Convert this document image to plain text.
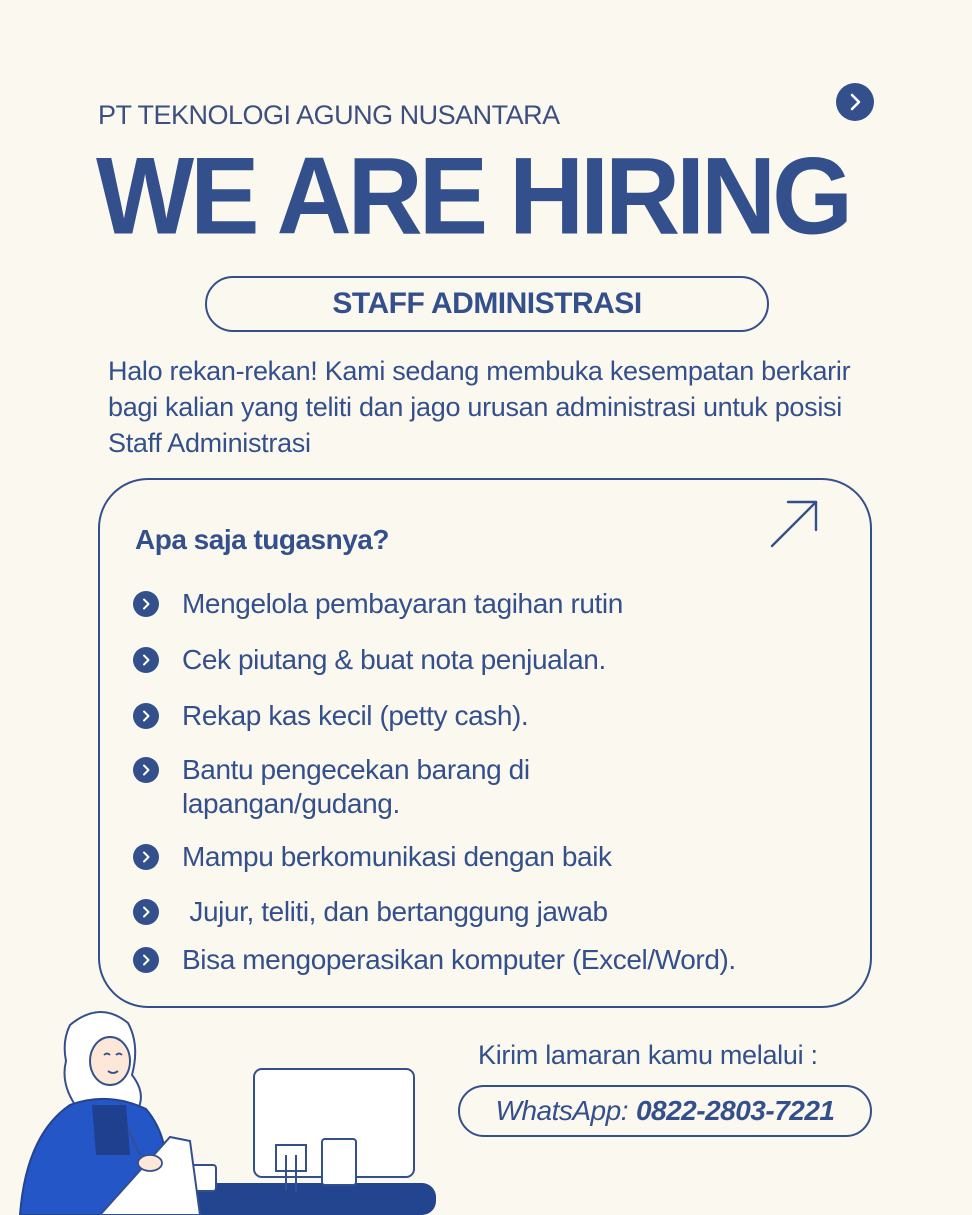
PT TEKNOLOGI AGUNG NUSANTARA
WE ARE HIRING
STAFF ADMINISTRASI
Halo rekan-rekan! Kami sedang membuka kesempatan berkarir bagi kalian yang teliti dan jago urusan administrasi untuk posisi Staff Administrasi
Apa saja tugasnya?
Mengelola pembayaran tagihan rutin
Cek piutang & buat nota penjualan.
Rekap kas kecil (petty cash).
Bantu pengecekan barang di lapangan/gudang.
Mampu berkomunikasi dengan baik
Jujur, teliti, dan bertanggung jawab
Bisa mengoperasikan komputer (Excel/Word).
Kirim lamaran kamu melalui :
WhatsApp: 0822-2803-7221
